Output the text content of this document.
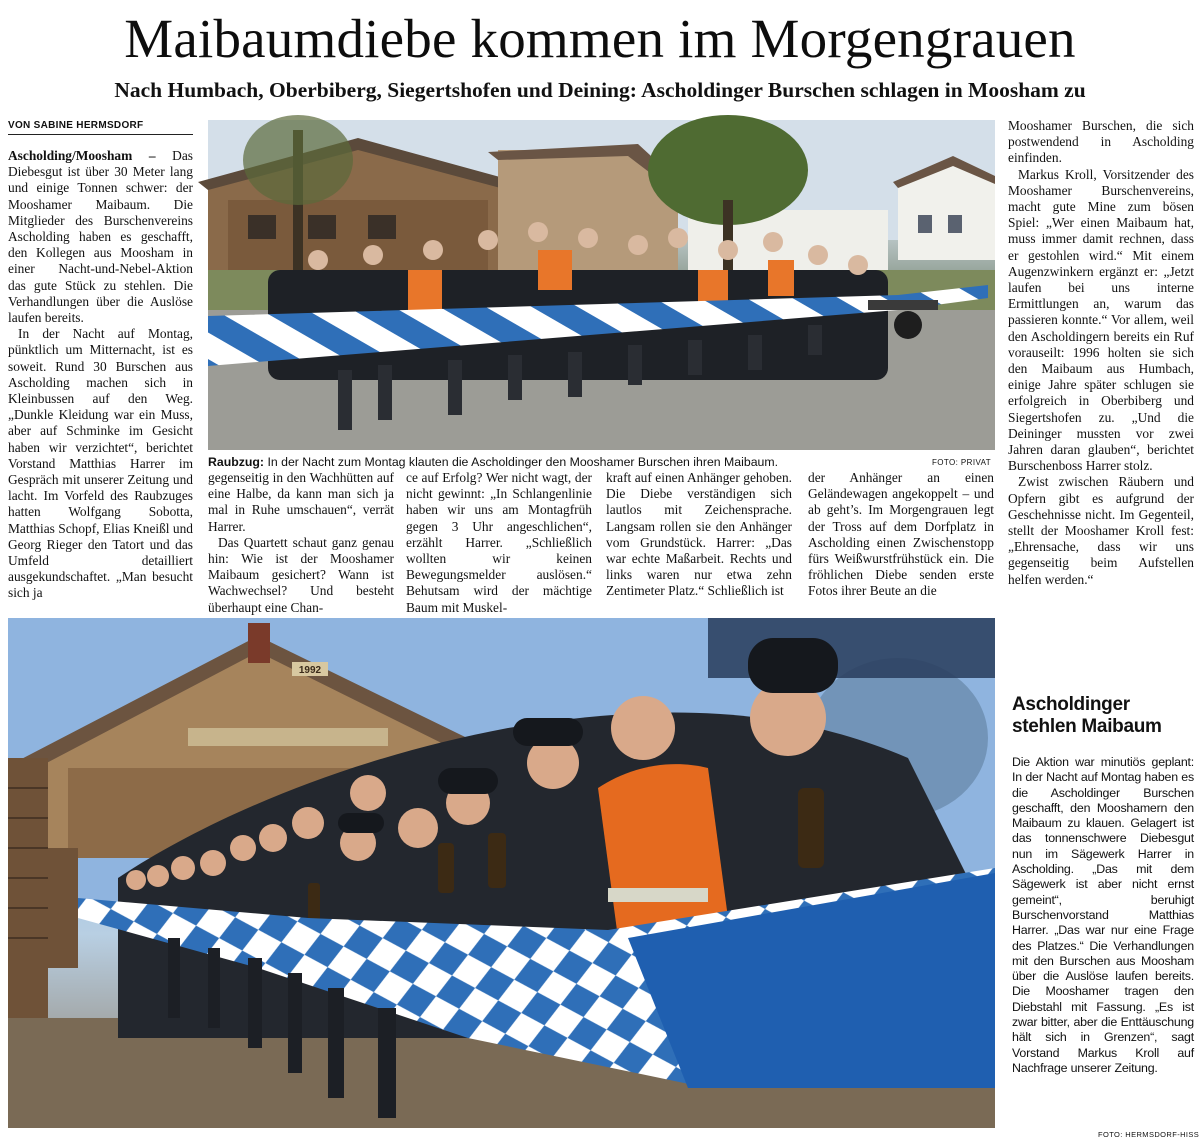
Maibaumdiebe kommen im Morgengrauen
Nach Humbach, Oberbiberg, Siegertshofen und Deining: Ascholdinger Burschen schlagen in Moosham zu
VON SABINE HERMSDORF

Ascholding/Moosham – Das Diebesgut ist über 30 Meter lang und einige Tonnen schwer: der Mooshamer Maibaum. Die Mitglieder des Burschenvereins Ascholding haben es geschafft, den Kollegen aus Moosham in einer Nacht-und-Nebel-Aktion das gute Stück zu stehlen. Die Verhandlungen über die Auslöse laufen bereits.

In der Nacht auf Montag, pünktlich um Mitternacht, ist es soweit. Rund 30 Burschen aus Ascholding machen sich in Kleinbussen auf den Weg. „Dunkle Kleidung war ein Muss, aber auf Schminke im Gesicht haben wir verzichtet“, berichtet Vorstand Matthias Harrer im Gespräch mit unserer Zeitung und lacht. Im Vorfeld des Raubzuges hatten Wolfgang Sobotta, Matthias Schopf, Elias Kneißl und Georg Rieger den Tatort und das Umfeld detailliert ausgekundschaftet. „Man besucht sich ja

Raubzug: In der Nacht zum Montag klauten die Ascholdinger den Mooshamer Burschen ihren Maibaum.	FOTO: PRIVAT

Mooshamer Burschen, die sich postwendend in Ascholding einfinden.

Markus Kroll, Vorsitzender des Mooshamer Burschenvereins, macht gute Mine zum bösen Spiel: „Wer einen Maibaum hat, muss immer damit rechnen, dass er gestohlen wird.“ Mit einem Augenzwinkern ergänzt er: „Jetzt laufen bei uns interne Ermittlungen an, warum das passieren konnte.“ Vor allem, weil den Ascholdingern bereits ein Ruf vorauseilt: 1996 holten sie sich den Maibaum aus Humbach, einige Jahre später schlugen sie erfolgreich in Oberbiberg und Siegertshofen zu. „Und die Deininger mussten vor zwei Jahren daran glauben“, berichtet Burschenboss Harrer stolz.

Zwist zwischen Räubern und Opfern gibt es aufgrund der Geschehnisse nicht. Im Gegenteil, stellt der Mooshamer Kroll fest: „Ehrensache, dass wir uns gegenseitig beim Aufstellen helfen werden.“

gegenseitig in den Wachhütten auf eine Halbe, da kann man sich ja mal in Ruhe umschauen“, verrät Harrer.

Das Quartett schaut ganz genau hin: Wie ist der Mooshamer Maibaum gesichert? Wann ist Wachwechsel? Und besteht überhaupt eine Chan-

ce auf Erfolg? Wer nicht wagt, der nicht gewinnt: „In Schlangenlinie haben wir uns am Montagfrüh gegen 3 Uhr angeschlichen“, erzählt Harrer. „Schließlich wollten wir keinen Bewegungsmelder auslösen.“ Behutsam wird der mächtige Baum mit Muskel-

kraft auf einen Anhänger gehoben. Die Diebe verständigen sich lautlos mit Zeichensprache. Langsam rollen sie den Anhänger vom Grundstück. Harrer: „Das war echte Maßarbeit. Rechts und links waren nur etwa zehn Zentimeter Platz.“ Schließlich ist

der Anhänger an einen Geländewagen angekoppelt – und ab geht’s. Im Morgengrauen legt der Tross auf dem Dorfplatz in Ascholding einen Zwischenstopp fürs Weißwurstfrühstück ein. Die fröhlichen Diebe senden erste Fotos ihrer Beute an die

1992
Ascholdinger stehlen Maibaum
Die Aktion war minutiös geplant: In der Nacht auf Montag haben es die Ascholdinger Burschen geschafft, den Mooshamern den Maibaum zu klauen. Gelagert ist das tonnenschwere Diebesgut nun im Sägewerk Harrer in Ascholding. „Das mit dem Sägewerk ist aber nicht ernst gemeint“, beruhigt Burschenvorstand Matthias Harrer. „Das war nur eine Frage des Platzes.“ Die Verhandlungen mit den Burschen aus Moosham über die Auslöse laufen bereits. Die Mooshamer tragen den Diebstahl mit Fassung. „Es ist zwar bitter, aber die Enttäuschung hält sich in Grenzen“, sagt Vorstand Markus Kroll auf Nachfrage unserer Zeitung.
FOTO: HERMSDORF-HISS
